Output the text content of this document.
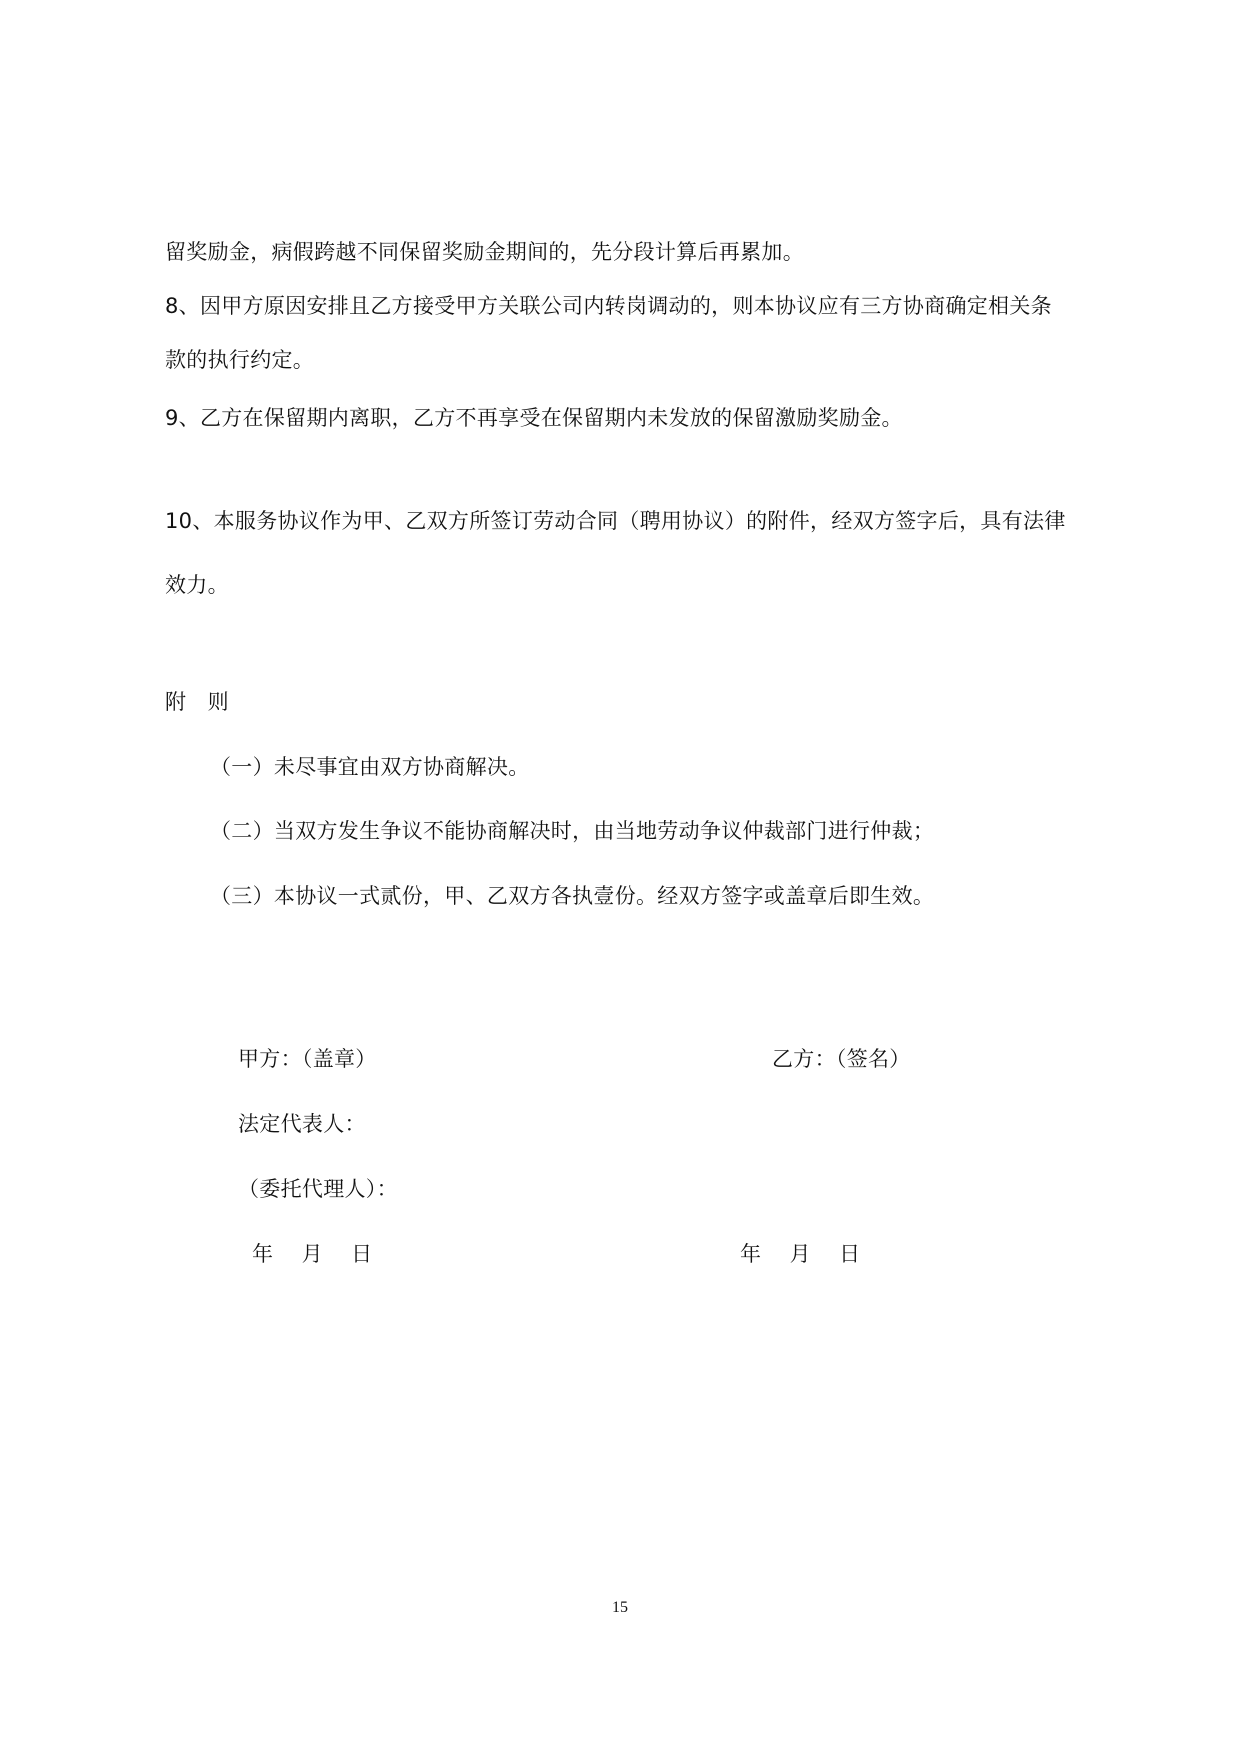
留奖励金，病假跨越不同保留奖励金期间的，先分段计算后再累加。
8、因甲方原因安排且乙方接受甲方关联公司内转岗调动的，则本协议应有三方协商确定相关条
款的执行约定。
9、乙方在保留期内离职，乙方不再享受在保留期内未发放的保留激励奖励金。
10、本服务协议作为甲、乙双方所签订劳动合同（聘用协议）的附件，经双方签字后，具有法律
效力。
附　则
（一）未尽事宜由双方协商解决。
（二）当双方发生争议不能协商解决时，由当地劳动争议仲裁部门进行仲裁；
（三）本协议一式贰份，甲、乙双方各执壹份。经双方签字或盖章后即生效。
甲方：（盖章）	乙方：（签名）
法定代表人：
（委托代理人）：
年　 月　 日	年　 月　 日
15
